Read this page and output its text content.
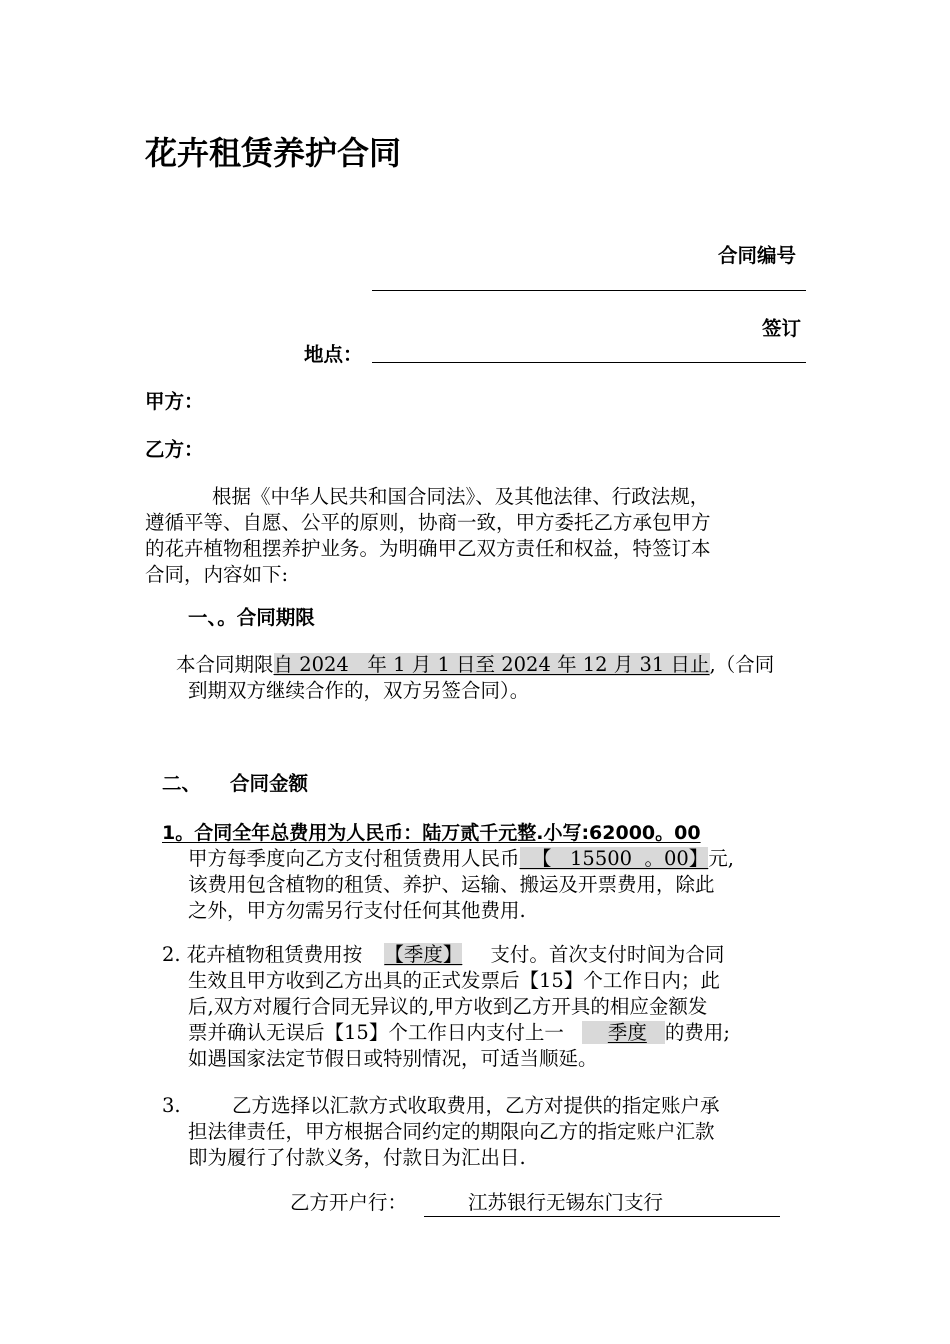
花卉租赁养护合同
合同编号
签订
地点：
甲方：
乙方：
根据《中华人民共和国合同法》、及其他法律、行政法规，
遵循平等、自愿、公平的原则，协商一致，甲方委托乙方承包甲方
的花卉植物租摆养护业务。为明确甲乙双方责任和权益，特签订本
合同，内容如下:
一、。合同期限
本合同期限自 2024   年 1 月 1 日至 2024 年 12 月 31 日止,（合同
到期双方继续合作的，双方另签合同）。
二、 合同金额
1。合同全年总费用为人民币：陆万贰千元整.小写:62000。00
甲方每季度向乙方支付租赁费用人民币  【   15500  。00】元,
该费用包含植物的租赁、养护、运输、搬运及开票费用，除此
之外，甲方勿需另行支付任何其他费用.
2. 花卉植物租赁费用按 【季度】 支付。首次支付时间为合同
生效且甲方收到乙方出具的正式发票后【15】个工作日内；此
后,双方对履行合同无异议的,甲方收到乙方开具的相应金额发
票并确认无误后【15】个工作日内支付上一 季度 的费用;
如遇国家法定节假日或特别情况，可适当顺延。
3.	乙方选择以汇款方式收取费用，乙方对提供的指定账户承
担法律责任，甲方根据合同约定的期限向乙方的指定账户汇款
即为履行了付款义务，付款日为汇出日.
乙方开户行：	江苏银行无锡东门支行
